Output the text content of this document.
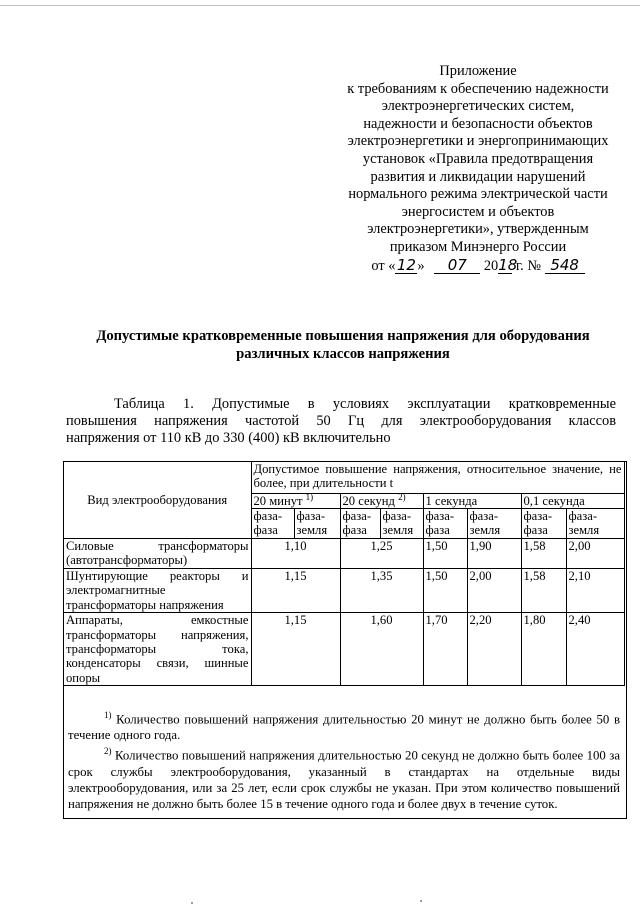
Приложение
к требованиям к обеспечению надежности
электроэнергетических систем,
надежности и безопасности объектов
электроэнергетики и энергопринимающих
установок «Правила предотвращения
развития и ликвидации нарушений
нормального режима электрической части
энергосистем и объектов
электроэнергетики», утвержденным
приказом Минэнерго России
от «12» 07 2018 г. № 548
Допустимые кратковременные повышения напряжения для оборудования
различных классов напряжения
Таблица 1. Допустимые в условиях эксплуатации кратковременные
повышения напряжения частотой 50 Гц для электрооборудования классов
напряжения от 110 кВ до 330 (400) кВ включительно
Вид электрооборудования	Допустимое повышение напряжения, относительное значение, не более, при длительности t							
	20 минут $^{1)}$		20 секунд $^{2)}$		1 секунда		0,1 секунда	
	фаза-фаза	фаза-земля	фаза-фаза	фаза-земля	фаза-фаза	фаза-земля	фаза-фаза	фаза-земля

Силовые трансформаторы
(автотрансформаторы)	1,10		1,25		1,50	1,90	1,58	2,00

Шунтирующие реакторы и
электромагнитные трансформаторы напряжения	1,15		1,35		1,50	2,00	1,58	2,10

Аппараты, емкостные
трансформаторы напряжения, трансформаторы тока, конденсаторы связи, шинные опоры	1,15		1,60		1,70	2,20	1,80	2,40

$^{1)}$ Количество повышений напряжения длительностью 20 минут не должно быть более 50 в течение одного года.

$^{2)}$ Количество повышений напряжения длительностью 20 секунд не должно быть более 100 за срок службы электрооборудования, указанный в стандартах на отдельные виды электрооборудования, или за 25 лет, если срок службы не указан. При этом количество повышений напряжения не должно быть более 15 в течение одного года и более двух в течение суток.
